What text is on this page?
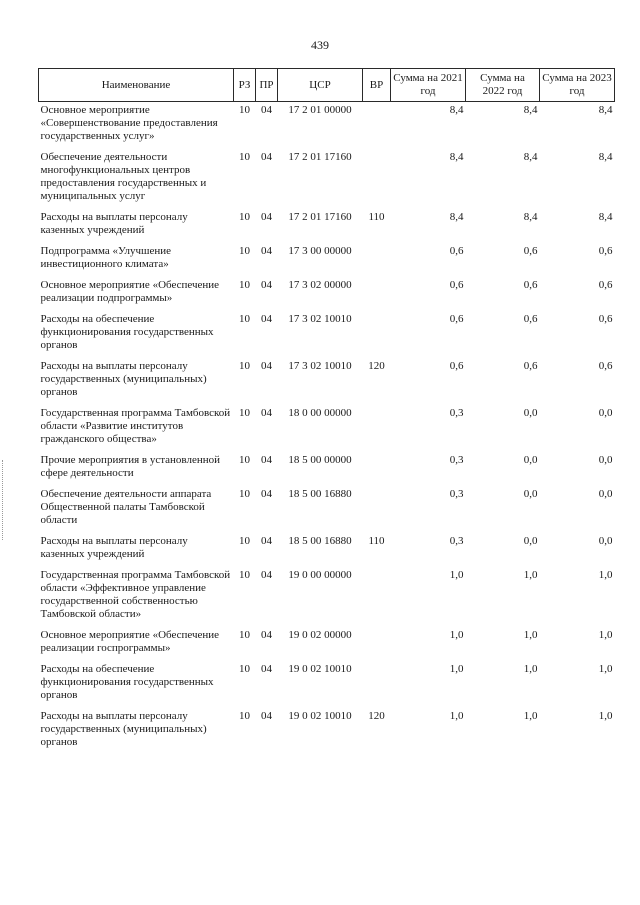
439
Наименование	РЗ	ПР	ЦСР	ВР	Сумма на 2021 год	Сумма на 2022 год	Сумма на 2023 год
Основное мероприятие «Совершенствование предоставления государственных услуг»	10	04	17 2 01 00000		8,4	8,4	8,4
Обеспечение деятельности многофункциональных центров предоставления государственных и муниципальных услуг	10	04	17 2 01 17160		8,4	8,4	8,4
Расходы на выплаты персоналу казенных учреждений	10	04	17 2 01 17160	110	8,4	8,4	8,4
Подпрограмма «Улучшение инвестиционного климата»	10	04	17 3 00 00000		0,6	0,6	0,6
Основное мероприятие «Обеспечение реализации подпрограммы»	10	04	17 3 02 00000		0,6	0,6	0,6
Расходы на обеспечение функционирования государственных органов	10	04	17 3 02 10010		0,6	0,6	0,6
Расходы на выплаты персоналу государственных (муниципальных) органов	10	04	17 3 02 10010	120	0,6	0,6	0,6
Государственная программа Тамбовской области «Развитие институтов гражданского общества»	10	04	18 0 00 00000		0,3	0,0	0,0
Прочие мероприятия в установленной сфере деятельности	10	04	18 5 00 00000		0,3	0,0	0,0
Обеспечение деятельности аппарата Общественной палаты Тамбовской области	10	04	18 5 00 16880		0,3	0,0	0,0
Расходы на выплаты персоналу казенных учреждений	10	04	18 5 00 16880	110	0,3	0,0	0,0
Государственная программа Тамбовской области «Эффективное управление государственной собственностью Тамбовской области»	10	04	19 0 00 00000		1,0	1,0	1,0
Основное мероприятие «Обеспечение реализации госпрограммы»	10	04	19 0 02 00000		1,0	1,0	1,0
Расходы на обеспечение функционирования государственных органов	10	04	19 0 02 10010		1,0	1,0	1,0
Расходы на выплаты персоналу государственных (муниципальных) органов	10	04	19 0 02 10010	120	1,0	1,0	1,0
